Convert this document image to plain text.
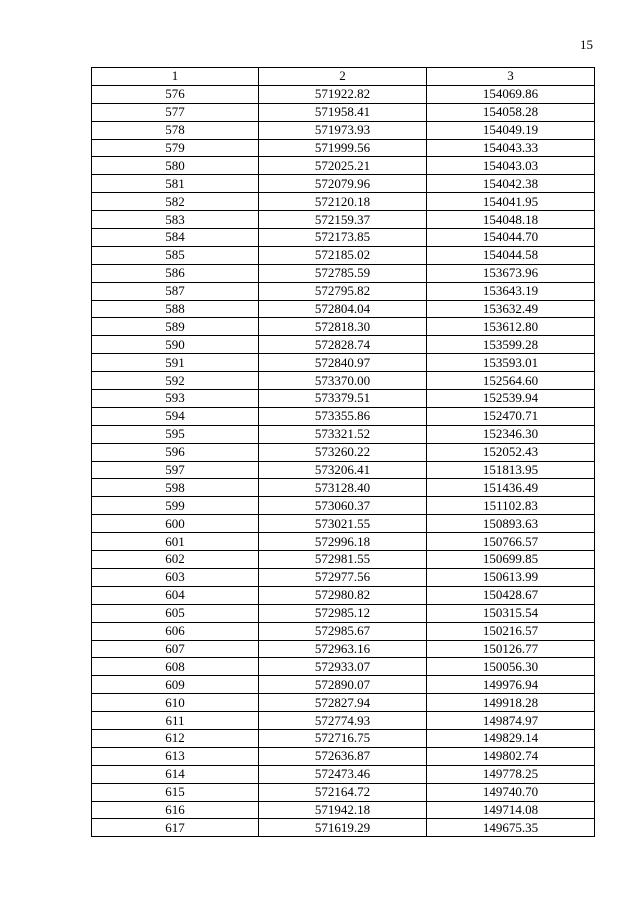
15
1	2	3
576	571922.82	154069.86
577	571958.41	154058.28
578	571973.93	154049.19
579	571999.56	154043.33
580	572025.21	154043.03
581	572079.96	154042.38
582	572120.18	154041.95
583	572159.37	154048.18
584	572173.85	154044.70
585	572185.02	154044.58
586	572785.59	153673.96
587	572795.82	153643.19
588	572804.04	153632.49
589	572818.30	153612.80
590	572828.74	153599.28
591	572840.97	153593.01
592	573370.00	152564.60
593	573379.51	152539.94
594	573355.86	152470.71
595	573321.52	152346.30
596	573260.22	152052.43
597	573206.41	151813.95
598	573128.40	151436.49
599	573060.37	151102.83
600	573021.55	150893.63
601	572996.18	150766.57
602	572981.55	150699.85
603	572977.56	150613.99
604	572980.82	150428.67
605	572985.12	150315.54
606	572985.67	150216.57
607	572963.16	150126.77
608	572933.07	150056.30
609	572890.07	149976.94
610	572827.94	149918.28
611	572774.93	149874.97
612	572716.75	149829.14
613	572636.87	149802.74
614	572473.46	149778.25
615	572164.72	149740.70
616	571942.18	149714.08
617	571619.29	149675.35
